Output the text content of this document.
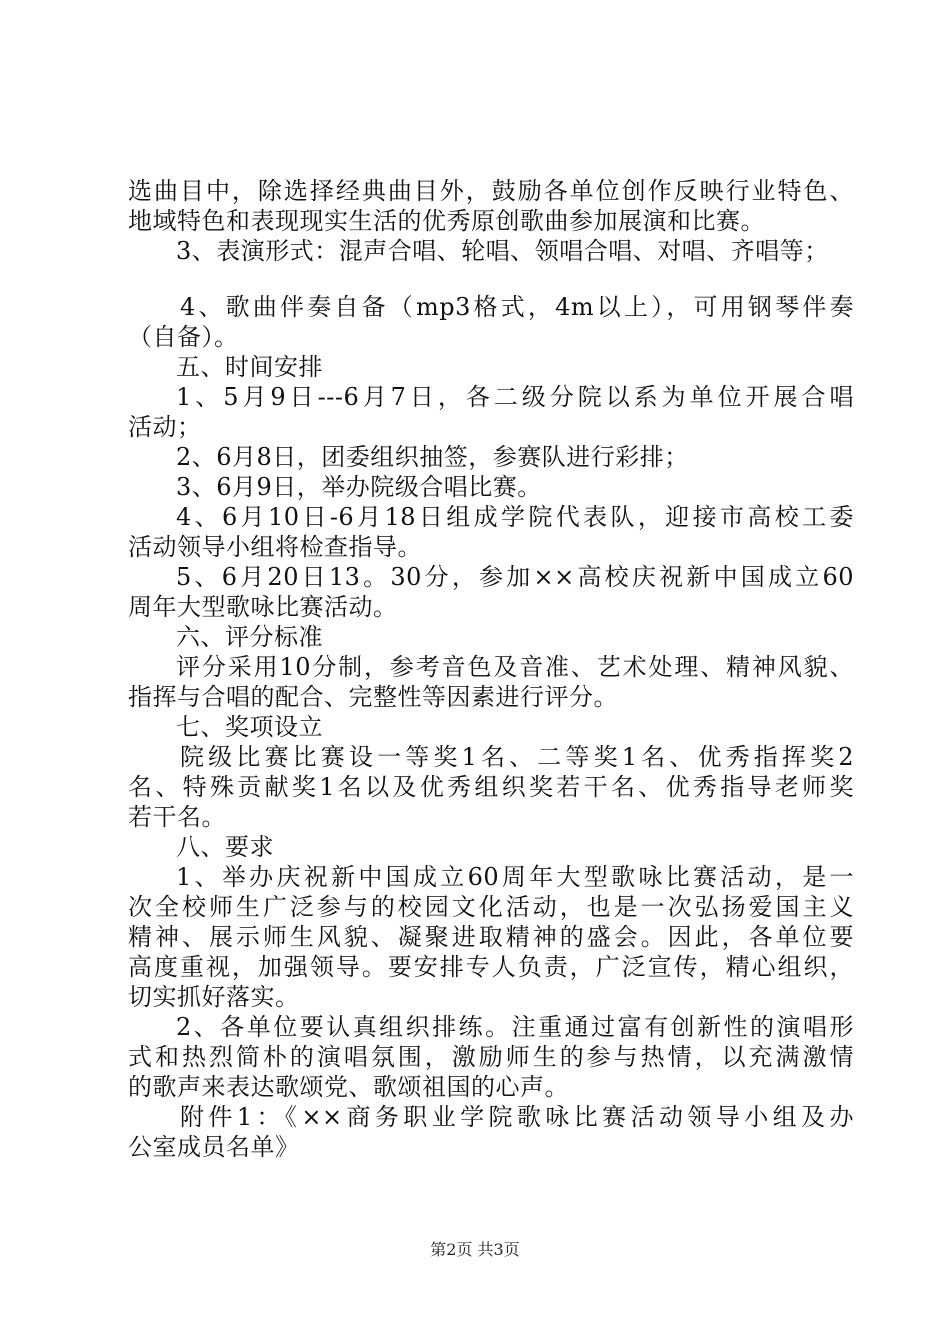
选曲目中，除选择经典曲目外，鼓励各单位创作反映行业特色、
地域特色和表现现实生活的优秀原创歌曲参加展演和比赛。
3、表演形式：混声合唱、轮唱、领唱合唱、对唱、齐唱等；
4、歌曲伴奏自备（mp3格式，4m以上），可用钢琴伴奏
（自备）。
五、时间安排
1、5月9日---6月7日，各二级分院以系为单位开展合唱
活动；
2、6月8日，团委组织抽签，参赛队进行彩排；
3、6月9日，举办院级合唱比赛。
4、6月10日-6月18日组成学院代表队，迎接市高校工委
活动领导小组将检查指导。
5、6月20日13。30分，参加××高校庆祝新中国成立60
周年大型歌咏比赛活动。
六、评分标准
评分采用10分制，参考音色及音准、艺术处理、精神风貌、
指挥与合唱的配合、完整性等因素进行评分。
七、奖项设立
院级比赛比赛设一等奖1名、二等奖1名、优秀指挥奖2
名、特殊贡献奖1名以及优秀组织奖若干名、优秀指导老师奖
若干名。
八、要求
1、举办庆祝新中国成立60周年大型歌咏比赛活动，是一
次全校师生广泛参与的校园文化活动，也是一次弘扬爱国主义
精神、展示师生风貌、凝聚进取精神的盛会。因此，各单位要
高度重视，加强领导。要安排专人负责，广泛宣传，精心组织，
切实抓好落实。
2、各单位要认真组织排练。注重通过富有创新性的演唱形
式和热烈简朴的演唱氛围，激励师生的参与热情，以充满激情
的歌声来表达歌颂党、歌颂祖国的心声。
附件1：《××商务职业学院歌咏比赛活动领导小组及办
公室成员名单》
第2页 共3页
